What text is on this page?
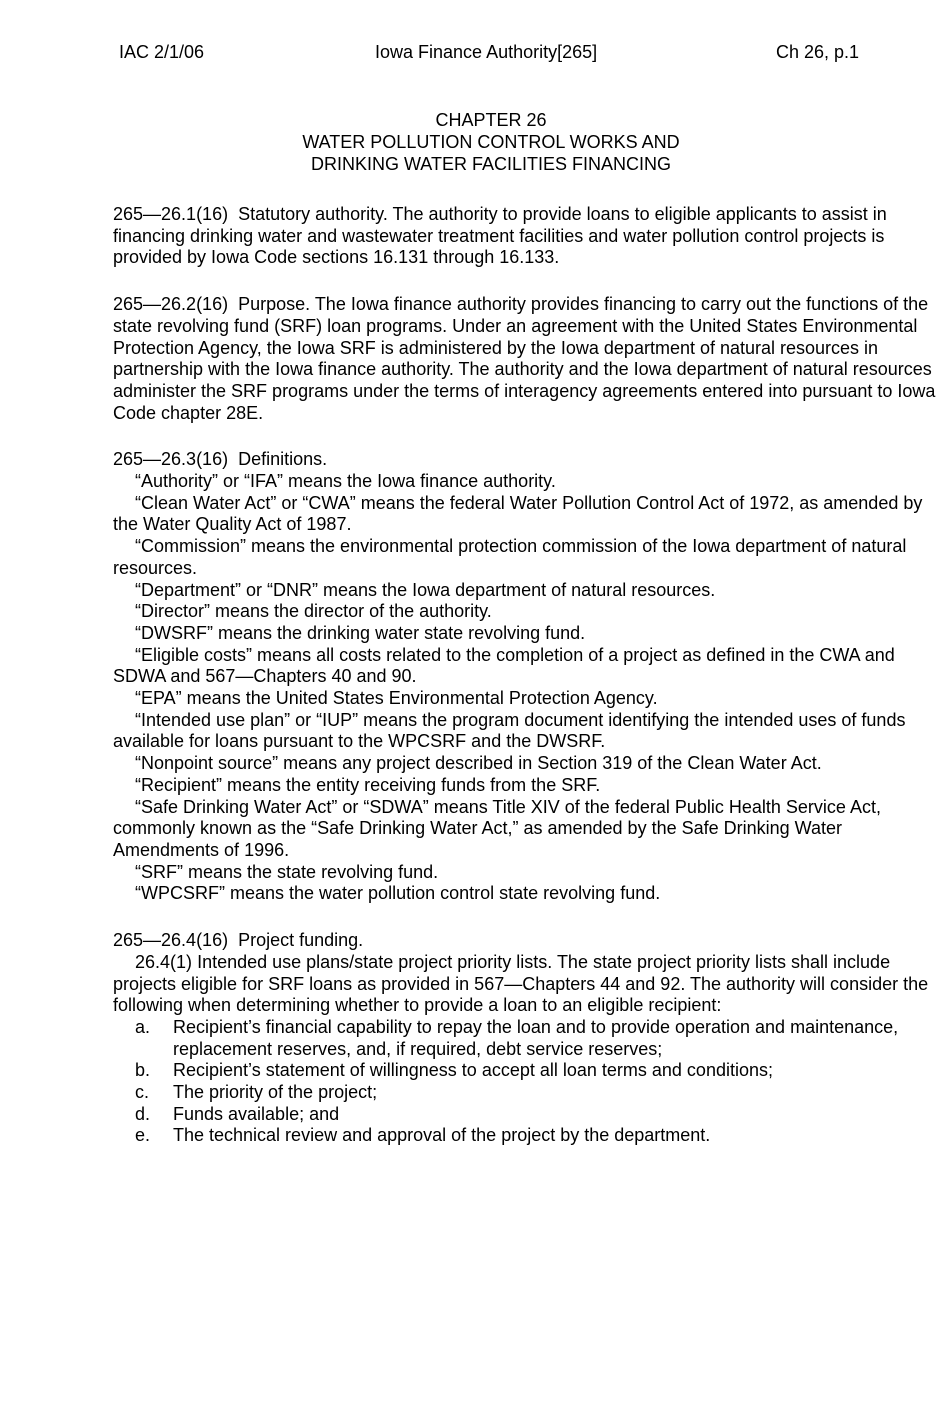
IAC 2/1/06	Iowa Finance Authority[265]	Ch 26, p.1
CHAPTER 26
WATER POLLUTION CONTROL WORKS AND
DRINKING WATER FACILITIES FINANCING

265—26.1(16) Statutory authority. The authority to provide loans to eligible applicants to assist in financing drinking water and wastewater treatment facilities and water pollution control projects is provided by Iowa Code sections 16.131 through 16.133.

265—26.2(16) Purpose. The Iowa finance authority provides financing to carry out the functions of the state revolving fund (SRF) loan programs. Under an agreement with the United States Environmental Protection Agency, the Iowa SRF is administered by the Iowa department of natural resources in partnership with the Iowa finance authority. The authority and the Iowa department of natural resources administer the SRF programs under the terms of interagency agreements entered into pursuant to Iowa Code chapter 28E.

265—26.3(16) Definitions.

“Authority” or “IFA” means the Iowa finance authority.

“Clean Water Act” or “CWA” means the federal Water Pollution Control Act of 1972, as amended by the Water Quality Act of 1987.

“Commission” means the environmental protection commission of the Iowa department of natural resources.

“Department” or “DNR” means the Iowa department of natural resources.

“Director” means the director of the authority.

“DWSRF” means the drinking water state revolving fund.

“Eligible costs” means all costs related to the completion of a project as defined in the CWA and SDWA and 567—Chapters 40 and 90.

“EPA” means the United States Environmental Protection Agency.

“Intended use plan” or “IUP” means the program document identifying the intended uses of funds available for loans pursuant to the WPCSRF and the DWSRF.

“Nonpoint source” means any project described in Section 319 of the Clean Water Act.

“Recipient” means the entity receiving funds from the SRF.

“Safe Drinking Water Act” or “SDWA” means Title XIV of the federal Public Health Service Act, commonly known as the “Safe Drinking Water Act,” as amended by the Safe Drinking Water Amendments of 1996.

“SRF” means the state revolving fund.

“WPCSRF” means the water pollution control state revolving fund.

265—26.4(16) Project funding.

26.4(1) Intended use plans/state project priority lists. The state project priority lists shall include projects eligible for SRF loans as provided in 567—Chapters 44 and 92. The authority will consider the following when determining whether to provide a loan to an eligible recipient:

a. Recipient’s financial capability to repay the loan and to provide operation and maintenance, replacement reserves, and, if required, debt service reserves;

b. Recipient’s statement of willingness to accept all loan terms and conditions;

c. The priority of the project;

d. Funds available; and

e. The technical review and approval of the project by the department.
